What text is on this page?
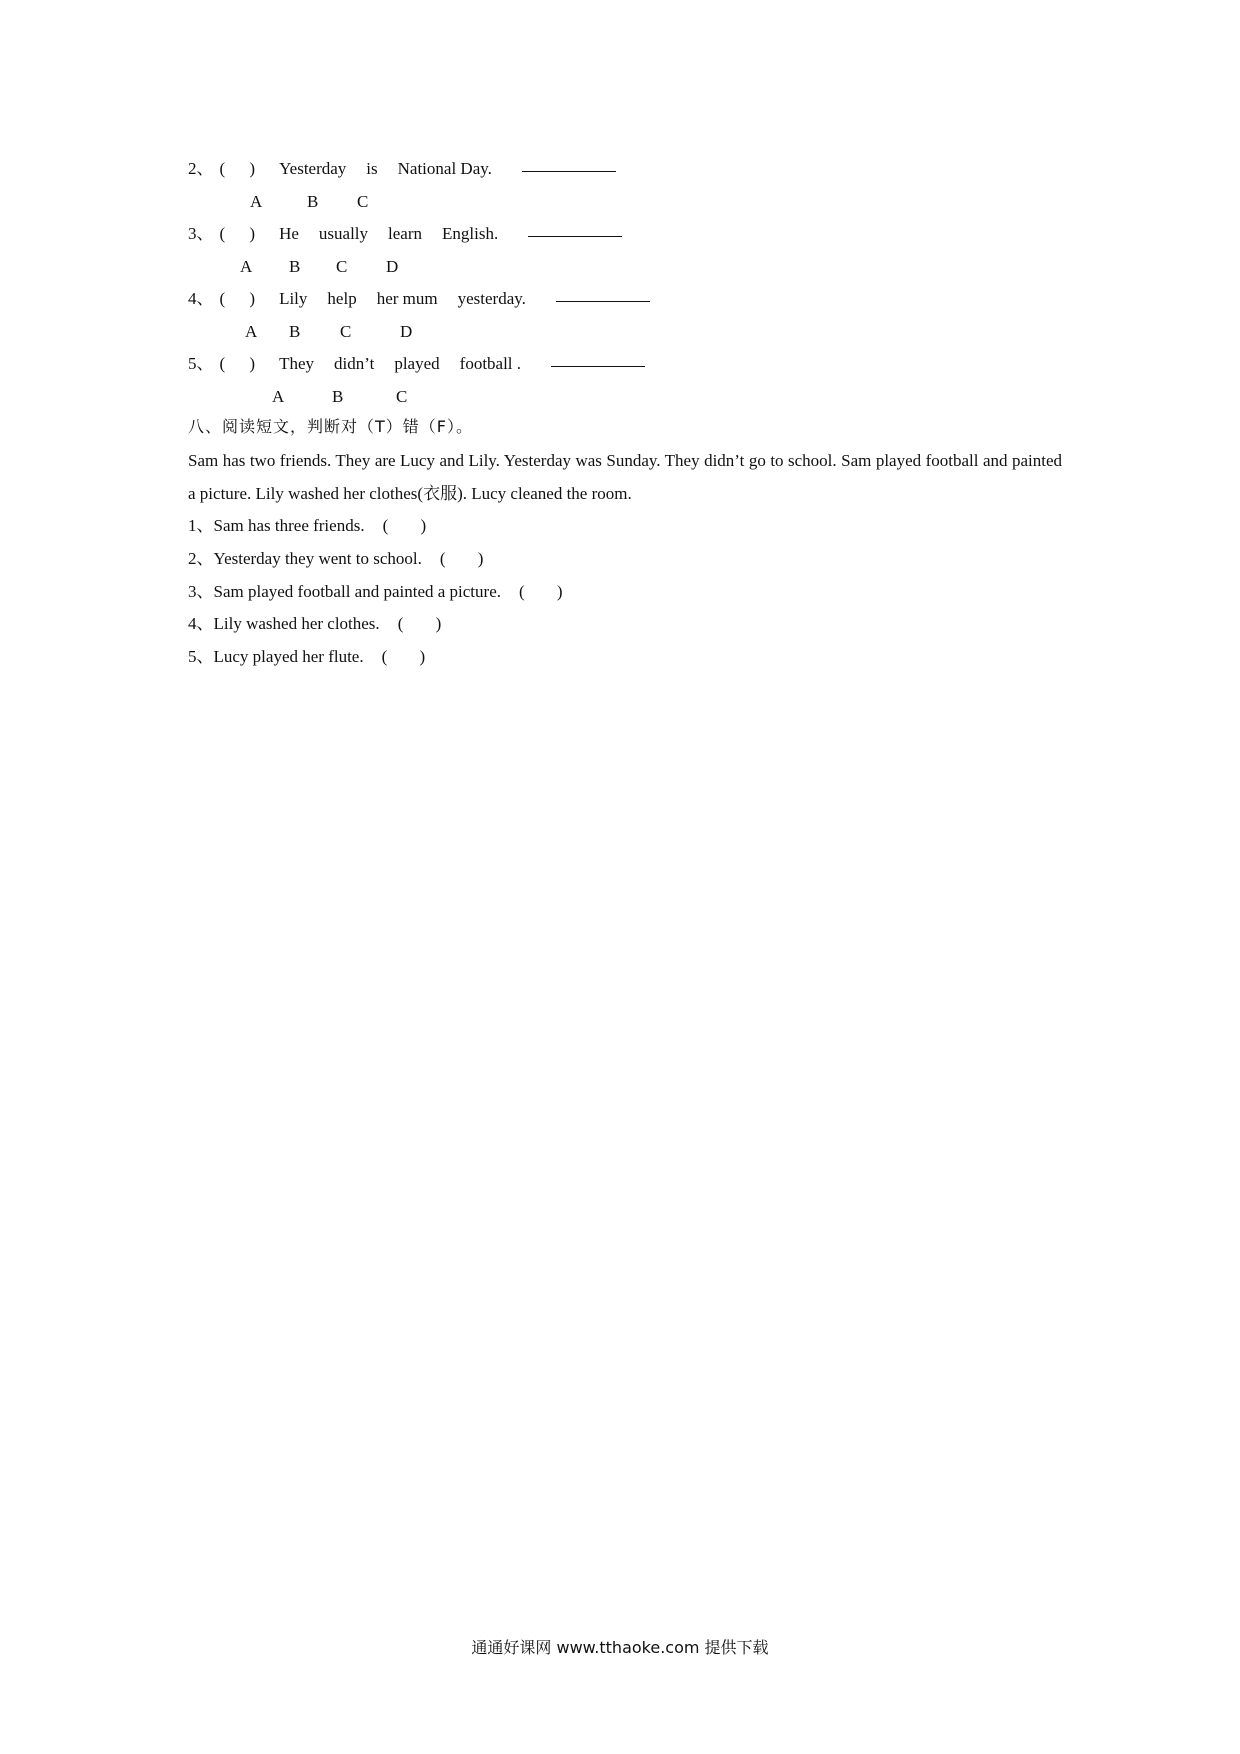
2、 ( ) Yesterday is National Day.
A	B C
3、 ( ) He usually learn English.
A B C D
4、 ( ) Lily help her mum yesterday.
A B C	D
5、 ( ) They didn’t played football .
A	B	C
八、阅读短文，判断对（T）错（F）。
Sam has two friends. They are Lucy and Lily. Yesterday was Sunday. They didn’t go to school. Sam played football and painted a picture. Lily washed her clothes(衣服). Lucy cleaned the room.
1、Sam has three friends. ( )
2、Yesterday they went to school. ( )
3、Sam played football and painted a picture. ( )
4、Lily washed her clothes. ( )
5、Lucy played her flute. ( )
通通好课网 www.tthaoke.com 提供下载
